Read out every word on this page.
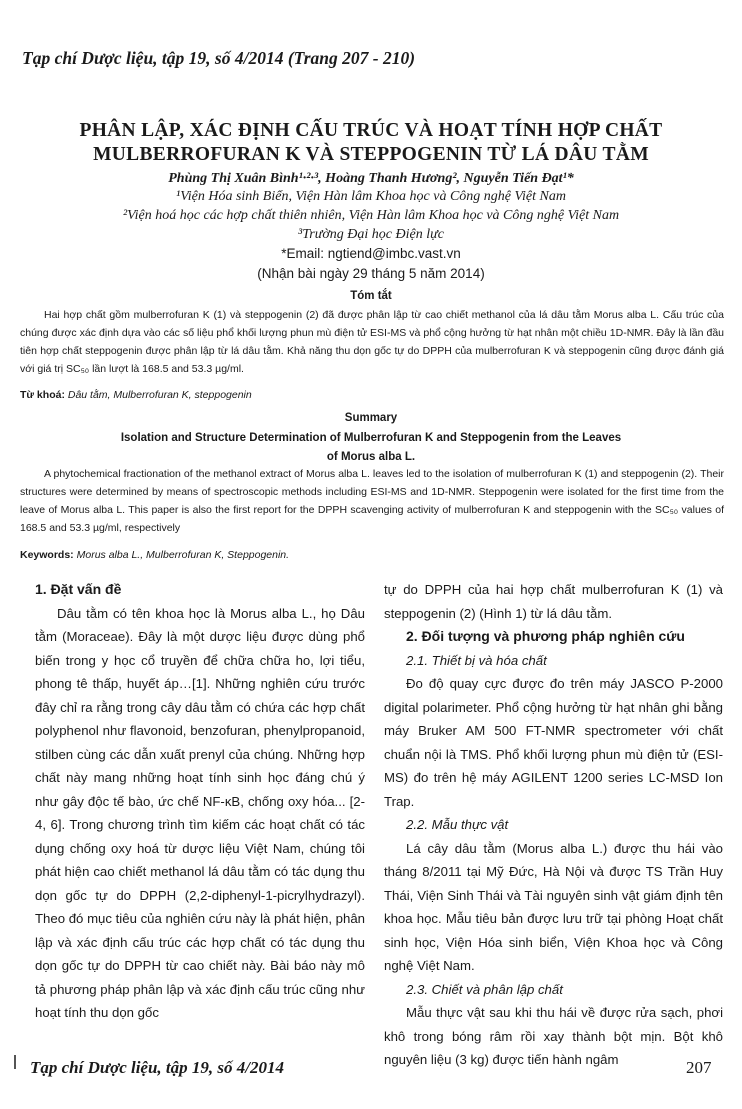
Tạp chí Dược liệu, tập 19, số 4/2014 (Trang 207 - 210)
PHÂN LẬP, XÁC ĐỊNH CẤU TRÚC VÀ HOẠT TÍNH HỢP CHẤT
MULBERROFURAN K VÀ STEPPOGENIN TỪ LÁ DÂU TẰM
Phùng Thị Xuân Bình¹·²·³, Hoàng Thanh Hương², Nguyễn Tiến Đạt¹*
¹Viện Hóa sinh Biển, Viện Hàn lâm Khoa học và Công nghệ Việt Nam
²Viện hoá học các hợp chất thiên nhiên, Viện Hàn lâm Khoa học và Công nghệ Việt Nam
³Trường Đại học Điện lực
*Email: ngtiend@imbc.vast.vn
(Nhận bài ngày 29 tháng 5 năm 2014)
Tóm tắt
Hai hợp chất gồm mulberrofuran K (1) và steppogenin (2) đã được phân lập từ cao chiết methanol của lá dâu tằm Morus alba L. Cấu trúc của chúng được xác định dựa vào các số liệu phổ khối lượng phun mù điện tử ESI-MS và phổ cộng hưởng từ hạt nhân một chiều 1D-NMR. Đây là lần đầu tiên hợp chất steppogenin được phân lập từ lá dâu tằm. Khả năng thu dọn gốc tự do DPPH của mulberrofuran K và steppogenin cũng được đánh giá với giá trị SC₅₀ lần lượt là 168.5 and 53.3 µg/ml.
Từ khoá: Dâu tằm, Mulberrofuran K, steppogenin
Summary
Isolation and Structure Determination of Mulberrofuran K and Steppogenin from the Leaves
of Morus alba L.
A phytochemical fractionation of the methanol extract of Morus alba L. leaves led to the isolation of mulberrofuran K (1) and steppogenin (2). Their structures were determined by means of spectroscopic methods including ESI-MS and 1D-NMR. Steppogenin were isolated for the first time from the leave of Morus alba L. This paper is also the first report for the DPPH scavenging activity of mulberrofuran K and steppogenin with the SC₅₀ values of 168.5 and 53.3 µg/ml, respectively
Keywords: Morus alba L., Mulberrofuran K, Steppogenin.

1. Đặt vấn đề

Dâu tằm có tên khoa học là Morus alba L., họ Dâu tằm (Moraceae). Đây là một dược liệu được dùng phổ biến trong y học cổ truyền để chữa chữa ho, lợi tiểu, phong tê thấp, huyết áp…[1]. Những nghiên cứu trước đây chỉ ra rằng trong cây dâu tằm có chứa các hợp chất polyphenol như flavonoid, benzofuran, phenylpropanoid, stilben cùng các dẫn xuất prenyl của chúng. Những hợp chất này mang những hoạt tính sinh học đáng chú ý như gây độc tế bào, ức chế NF-κB, chống oxy hóa... [2-4, 6]. Trong chương trình tìm kiếm các hoạt chất có tác dụng chống oxy hoá từ dược liệu Việt Nam, chúng tôi phát hiện cao chiết methanol lá dâu tằm có tác dụng thu dọn gốc tự do DPPH (2,2-diphenyl-1-picrylhydrazyl). Theo đó mục tiêu của nghiên cứu này là phát hiện, phân lập và xác định cấu trúc các hợp chất có tác dụng thu dọn gốc tự do DPPH từ cao chiết này. Bài báo này mô tả phương pháp phân lập và xác định cấu trúc cũng như hoạt tính thu dọn gốc

tự do DPPH của hai hợp chất mulberrofuran K (1) và steppogenin (2) (Hình 1) từ lá dâu tằm.

2. Đối tượng và phương pháp nghiên cứu

2.1. Thiết bị và hóa chất

Đo độ quay cực được đo trên máy JASCO P-2000 digital polarimeter. Phổ cộng hưởng từ hạt nhân ghi bằng máy Bruker AM 500 FT-NMR spectrometer với chất chuẩn nội là TMS. Phổ khối lượng phun mù điện tử (ESI-MS) đo trên hệ máy AGILENT 1200 series LC-MSD Ion Trap.

2.2. Mẫu thực vật

Lá cây dâu tằm (Morus alba L.) được thu hái vào tháng 8/2011 tại Mỹ Đức, Hà Nội và được TS Trần Huy Thái, Viện Sinh Thái và Tài nguyên sinh vật giám định tên khoa học. Mẫu tiêu bản được lưu trữ tại phòng Hoạt chất sinh học, Viện Hóa sinh biển, Viện Khoa học và Công nghệ Việt Nam.

2.3. Chiết và phân lập chất

Mẫu thực vật sau khi thu hái về được rửa sạch, phơi khô trong bóng râm rồi xay thành bột mịn. Bột khô nguyên liệu (3 kg) được tiến hành ngâm

Tạp chí Dược liệu, tập 19, số 4/2014	207
